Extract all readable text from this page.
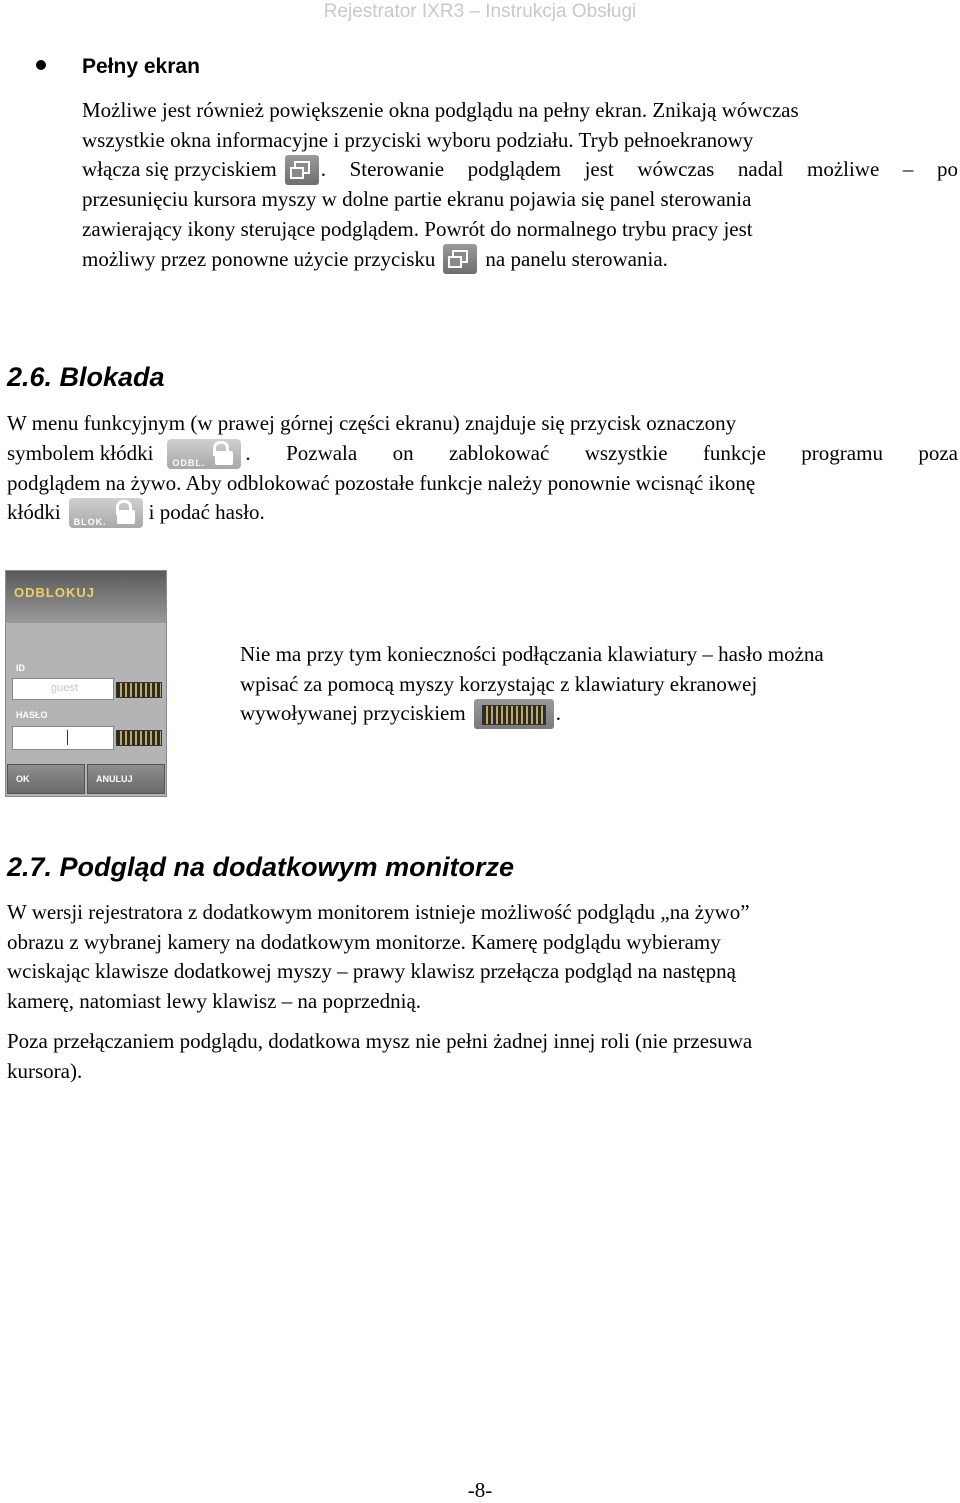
Rejestrator IXR3 – Instrukcja Obsługi
Pełny ekran
Możliwe jest również powiększenie okna podglądu na pełny ekran. Znikają wówczas
wszystkie okna informacyjne i przyciski wyboru podziału. Tryb pełnoekranowy
włącza się przyciskiem . Sterowanie podglądem jest wówczas nadal możliwe – po
przesunięciu kursora myszy w dolne partie ekranu pojawia się panel sterowania
zawierający ikony sterujące podglądem. Powrót do normalnego trybu pracy jest
możliwy przez ponowne użycie przycisku na panelu sterowania.
2.6. Blokada
W menu funkcyjnym (w prawej górnej części ekranu) znajduje się przycisk oznaczony
symbolem kłódki ODBL. . Pozwala on zablokować wszystkie funkcje programu poza
podglądem na żywo. Aby odblokować pozostałe funkcje należy ponownie wcisnąć ikonę
kłódki BLOK. i podać hasło.
ODBLOKUJ
ID
guest
HASŁO
OK	ANULUJ
Nie ma przy tym konieczności podłączania klawiatury – hasło można
wpisać za pomocą myszy korzystając z klawiatury ekranowej
wywoływanej przyciskiem	.
2.7. Podgląd na dodatkowym monitorze
W wersji rejestratora z dodatkowym monitorem istnieje możliwość podglądu „na żywo”
obrazu z wybranej kamery na dodatkowym monitorze. Kamerę podglądu wybieramy
wciskając klawisze dodatkowej myszy – prawy klawisz przełącza podgląd na następną
kamerę, natomiast lewy klawisz – na poprzednią.
Poza przełączaniem podglądu, dodatkowa mysz nie pełni żadnej innej roli (nie przesuwa
kursora).
-8-
